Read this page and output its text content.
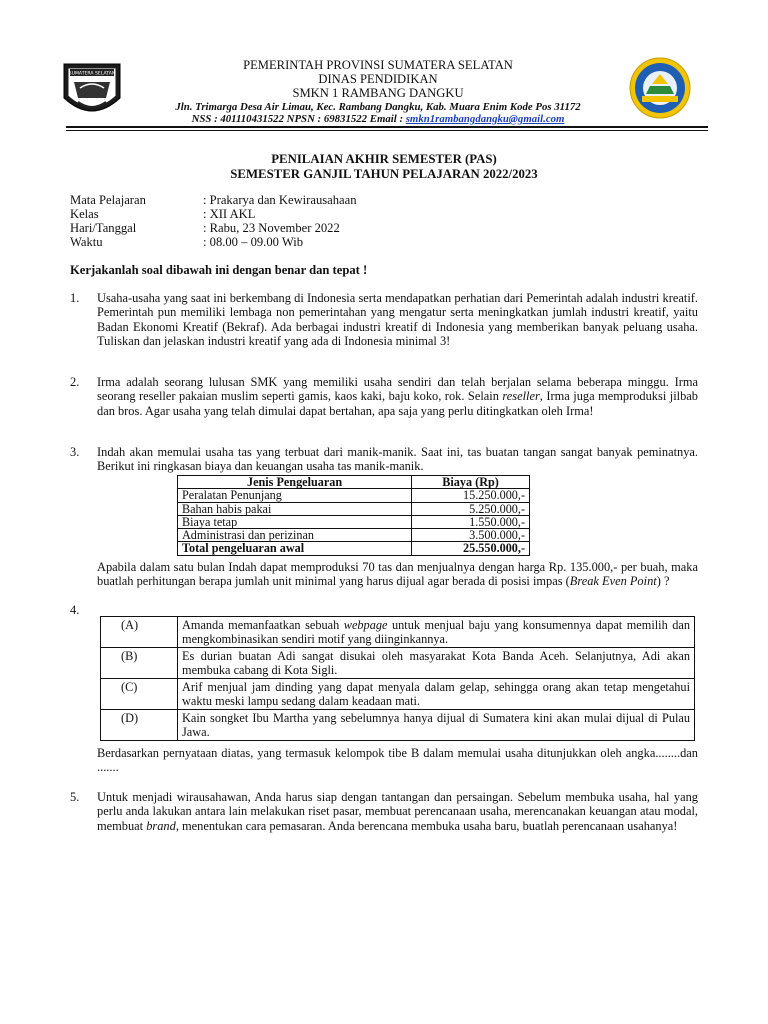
SUMATERA SELATAN
PEMERINTAH PROVINSI SUMATERA SELATAN
DINAS PENDIDIKAN
SMKN 1 RAMBANG DANGKU
Jln. Trimarga Desa Air Limau, Kec. Rambang Dangku, Kab. Muara Enim Kode Pos 31172
NSS : 401110431522 NPSN : 69831522 Email : smkn1rambangdangku@gmail.com
PENILAIAN AKHIR SEMESTER (PAS)
SEMESTER GANJIL TAHUN PELAJARAN 2022/2023
Mata Pelajaran	: Prakarya dan Kewirausahaan
Kelas	: XII AKL
Hari/Tanggal	: Rabu, 23 November 2022
Waktu	: 08.00 – 09.00 Wib
Kerjakanlah soal dibawah ini dengan benar dan tepat !
1. Usaha-usaha yang saat ini berkembang di Indonesia serta mendapatkan perhatian dari Pemerintah adalah industri kreatif. Pemerintah pun memiliki lembaga non pemerintahan yang mengatur serta meningkatkan jumlah industri kreatif, yaitu Badan Ekonomi Kreatif (Bekraf). Ada berbagai industri kreatif di Indonesia yang memberikan banyak peluang usaha. Tuliskan dan jelaskan industri kreatif yang ada di Indonesia minimal 3!
2. Irma adalah seorang lulusan SMK yang memiliki usaha sendiri dan telah berjalan selama beberapa minggu. Irma seorang reseller pakaian muslim seperti gamis, kaos kaki, baju koko, rok. Selain reseller, Irma juga memproduksi jilbab dan bros. Agar usaha yang telah dimulai dapat bertahan, apa saja yang perlu ditingkatkan oleh Irma!
3. Indah akan memulai usaha tas yang terbuat dari manik-manik. Saat ini, tas buatan tangan sangat banyak peminatnya. Berikut ini ringkasan biaya dan keuangan usaha tas manik-manik.
Jenis Pengeluaran	Biaya (Rp)
Peralatan Penunjang	15.250.000,-
Bahan habis pakai	5.250.000,-
Biaya tetap	1.550.000,-
Administrasi dan perizinan	3.500.000,-
Total pengeluaran awal	25.550.000,-
Apabila dalam satu bulan Indah dapat memproduksi 70 tas dan menjualnya dengan harga Rp. 135.000,- per buah, maka buatlah perhitungan berapa jumlah unit minimal yang harus dijual agar berada di posisi impas (Break Even Point) ?
4.
(A)	Amanda memanfaatkan sebuah webpage untuk menjual baju yang konsumennya dapat memilih dan mengkombinasikan sendiri motif yang diinginkannya.
(B)	Es durian buatan Adi sangat disukai oleh masyarakat Kota Banda Aceh. Selanjutnya, Adi akan membuka cabang di Kota Sigli.
(C)	Arif menjual jam dinding yang dapat menyala dalam gelap, sehingga orang akan tetap mengetahui waktu meski lampu sedang dalam keadaan mati.
(D)	Kain songket Ibu Martha yang sebelumnya hanya dijual di Sumatera kini akan mulai dijual di Pulau Jawa.
Berdasarkan pernyataan diatas, yang termasuk kelompok tibe B dalam memulai usaha ditunjukkan oleh angka........dan .......
5. Untuk menjadi wirausahawan, Anda harus siap dengan tantangan dan persaingan. Sebelum membuka usaha, hal yang perlu anda lakukan antara lain melakukan riset pasar, membuat perencanaan usaha, merencanakan keuangan atau modal, membuat brand, menentukan cara pemasaran. Anda berencana membuka usaha baru, buatlah perencanaan usahanya!
